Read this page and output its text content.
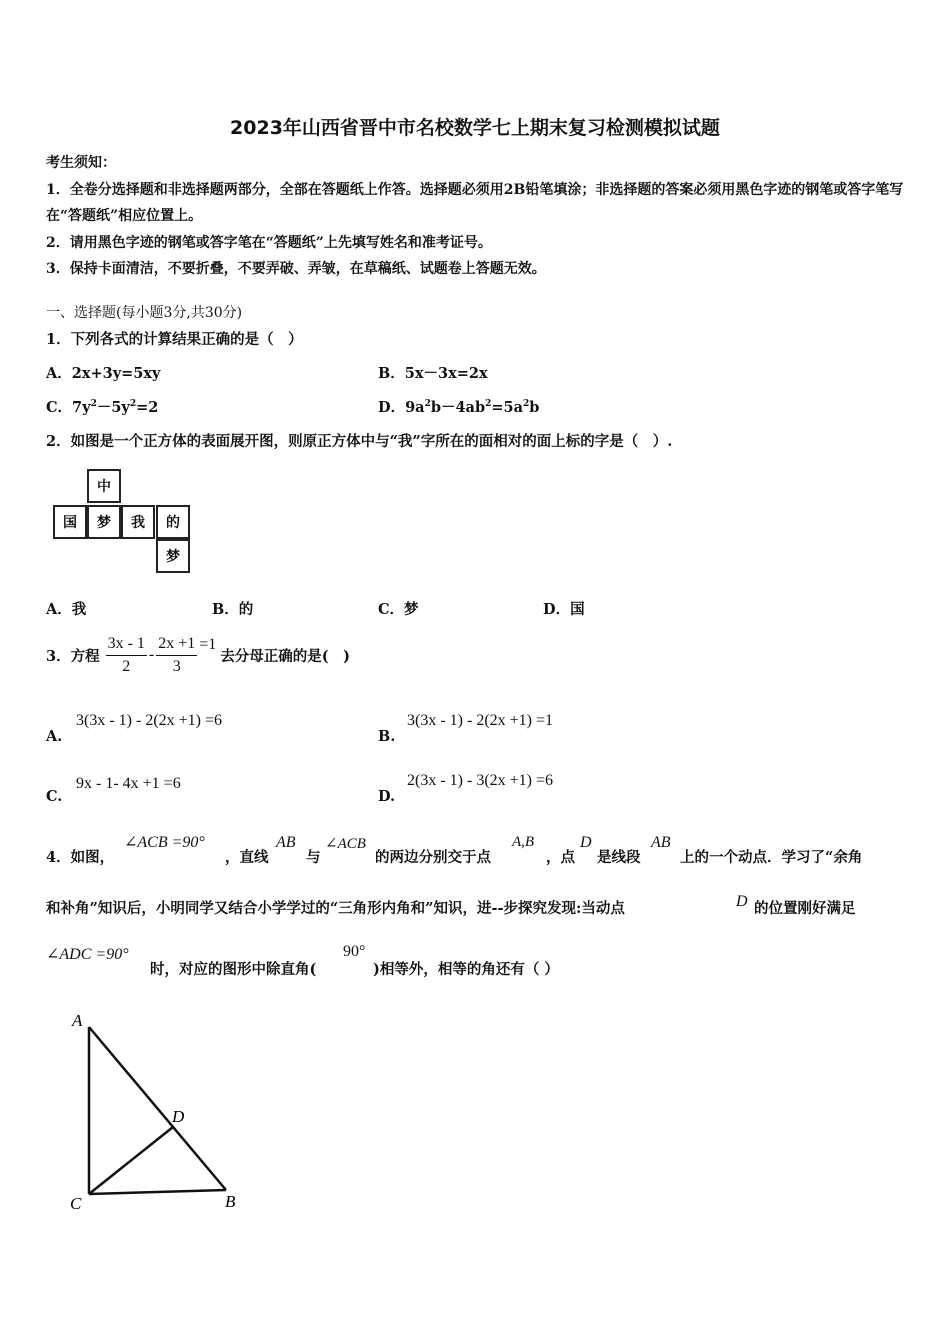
2023年山西省晋中市名校数学七上期末复习检测模拟试题
考生须知：
1．全卷分选择题和非选择题两部分，全部在答题纸上作答。选择题必须用2B铅笔填涂；非选择题的答案必须用黑色字迹的钢笔或答字笔写在“答题纸”相应位置上。
2．请用黑色字迹的钢笔或答字笔在“答题纸”上先填写姓名和准考证号。
3．保持卡面清洁，不要折叠，不要弄破、弄皱，在草稿纸、试题卷上答题无效。
一、选择题(每小题3分,共30分)
1．下列各式的计算结果正确的是（　）
A．2x+3y=5xy	B．5x－3x=2x
C．$7y^2-5y^2=2$	D．$9a^2b-4ab^2=5a^2b$
2．如图是一个正方体的表面展开图，则原正方体中与“我”字所在的面相对的面上标的字是（　）.
中
国	梦	我	的
梦
A．我	B．的	C．梦	D．国
3．方程 $\frac{3x - 1}{2} - \frac{2x +1}{3} =1$
去分母正确的是(　)
A.
3(3x - 1) - 2(2x +1) =6
B.
3(3x - 1) - 2(2x +1) =1
C.
9x - 1- 4x +1 =6
D.
2(3x - 1) - 3(2x +1) =6
4．如图，
∠ACB =90°
，直线
AB
与
∠ACB
的两边分别交于点
A,B
，点
D
是线段
AB
上的一个动点．学习了“余角
和补角”知识后，小明同学又结合小学学过的“三角形内角和”知识，进--步探究发现:当动点	D 的位置刚好满足
∠ADC =90°
时，对应的图形中除直角(
90°
)相等外，相等的角还有（ ）
A
D
C	B
